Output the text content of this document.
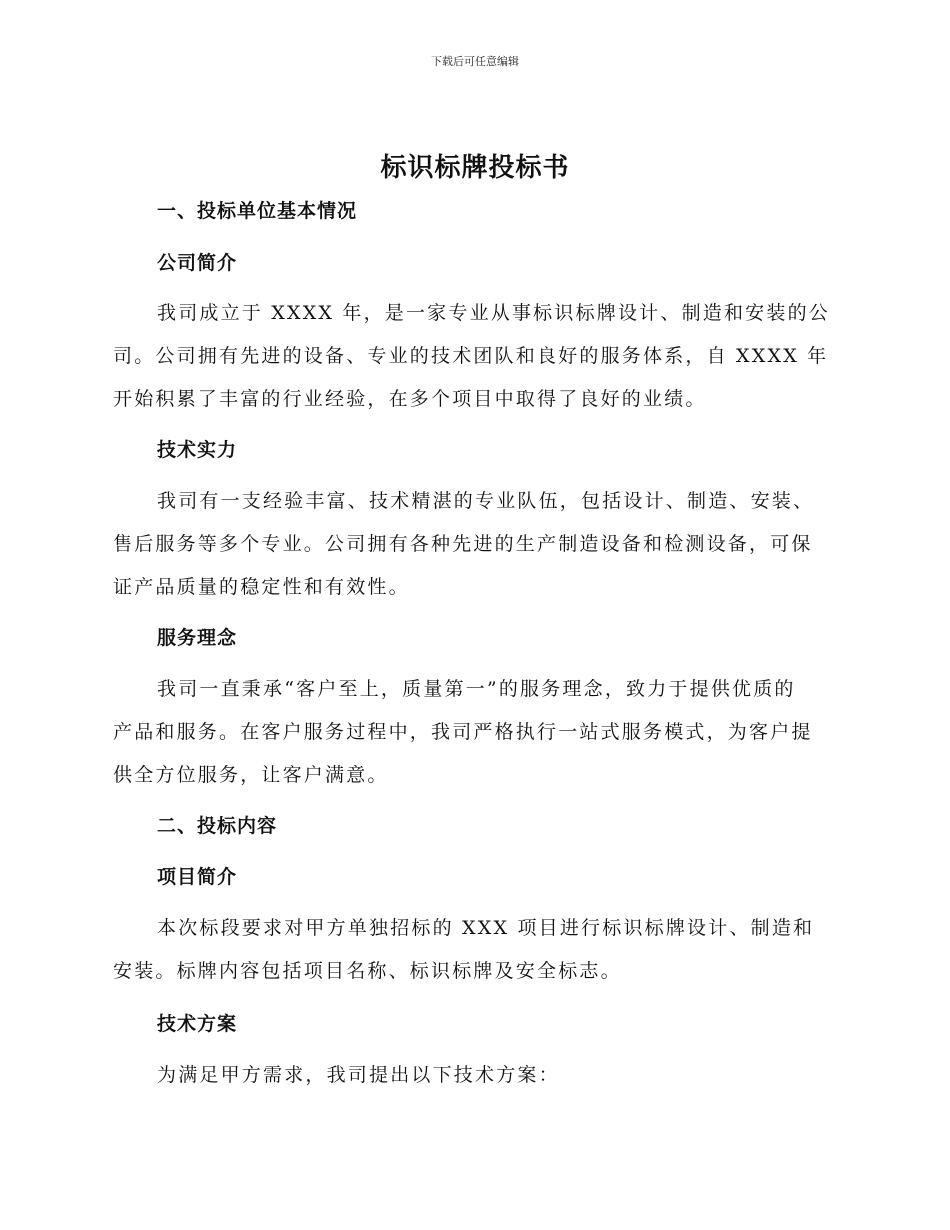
下载后可任意编辑
标识标牌投标书
一、投标单位基本情况
公司简介
我司成立于 XXXX 年，是一家专业从事标识标牌设计、制造和安装的公
司。公司拥有先进的设备、专业的技术团队和良好的服务体系，自 XXXX 年
开始积累了丰富的行业经验，在多个项目中取得了良好的业绩。
技术实力
我司有一支经验丰富、技术精湛的专业队伍，包括设计、制造、安装、
售后服务等多个专业。公司拥有各种先进的生产制造设备和检测设备，可保
证产品质量的稳定性和有效性。
服务理念
我司一直秉承“客户至上，质量第一”的服务理念，致力于提供优质的
产品和服务。在客户服务过程中，我司严格执行一站式服务模式，为客户提
供全方位服务，让客户满意。
二、投标内容
项目简介
本次标段要求对甲方单独招标的 XXX 项目进行标识标牌设计、制造和
安装。标牌内容包括项目名称、标识标牌及安全标志。
技术方案
为满足甲方需求，我司提出以下技术方案：
